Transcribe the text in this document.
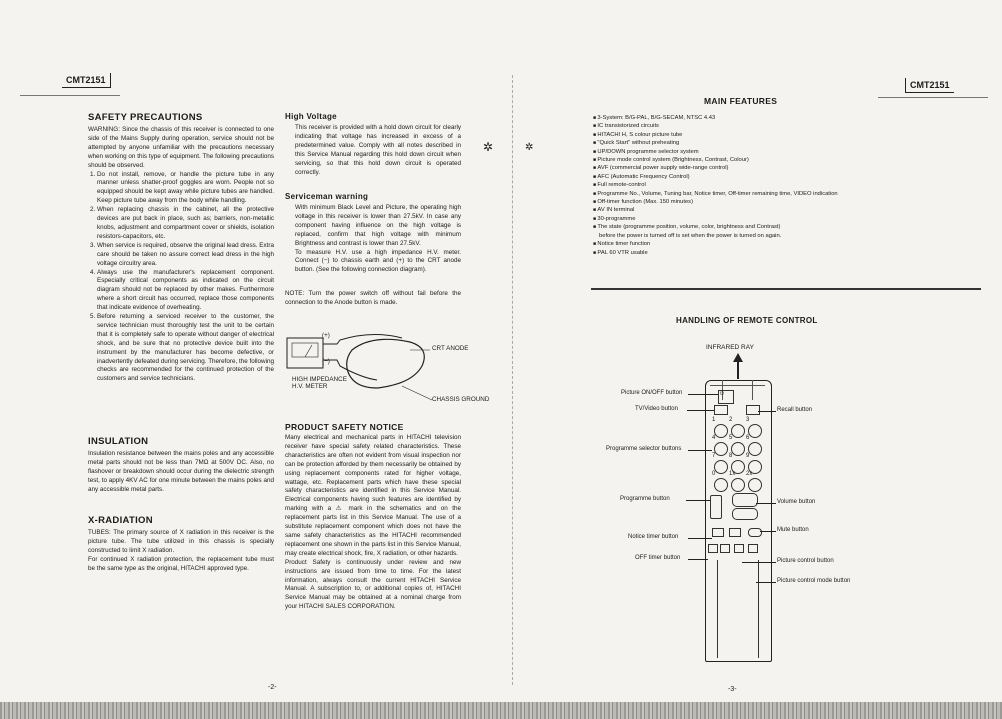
CMT2151	CMT2151
✲	✲
SAFETY PRECAUTIONS
WARNING: Since the chassis of this receiver is connected to one side of the Mains Supply during operation, service should not be attempted by anyone unfamiliar with the precautions necessary when working on this type of equipment. The following precautions should be observed.
1. Do not install, remove, or handle the picture tube in any manner unless shatter-proof goggles are worn. People not so equipped should be kept away while picture tubes are handled. Keep picture tube away from the body while handling.
2. When replacing chassis in the cabinet, all the protective devices are put back in place, such as; barriers, non-metallic knobs, adjustment and compartment cover or shields, isolation resistors-capacitors, etc.
3. When service is required, observe the original lead dress. Extra care should be taken no assure correct lead dress in the high voltage circuitry area.
4. Always use the manufacturer's replacement component. Especially critical components as indicated on the circuit diagram should not be replaced by other makes. Furthermore where a short circuit has occurred, replace those components that indicate evidence of overheating.
5. Before returning a serviced receiver to the customer, the service technician must thoroughly test the unit to be certain that it is completely safe to operate without danger of electrical shock, and be sure that no protective device built into the instrument by the manufacturer has become defective, or inadvertently defeated during servicing. Therefore, the following checks are recommended for the continued protection of the customers and service technicians.
INSULATION
Insulation resistance between the mains poles and any accessible metal parts should not be less than 7MΩ at 500V DC. Also, no flashover or breakdown should occur during the dielectric strength test, to apply 4KV AC for one minute between the mains poles and any accessible metal parts.
X-RADIATION
TUBES: The primary source of X radiation in this receiver is the picture tube. The tube utilized in this chassis is specially constructed to limit X radiation.
For continued X radiation protection, the replacement tube must be the same type as the original, HITACHI approved type.
High Voltage
This receiver is provided with a hold down circuit for clearly indicating that voltage has increased in excess of a predetermined value. Comply with all notes described in this Service Manual regarding this hold down circuit when servicing, so that this hold down circuit is operated correctly.
Serviceman warning
With minimum Black Level and Picture, the operating high voltage in this receiver is lower than 27.5kV. In case any component having influence on the high voltage is replaced, confirm that high voltage with minimum Brightness and contrast is lower than 27.5kV.
To measure H.V. use a high impedance H.V. meter. Connect (−) to chassis earth and (+) to the CRT anode button. (See the following connection diagram).
NOTE: Turn the power switch off without fail before the connection to the Anode button is made.
(+)
(−)
CRT ANODE
HIGH IMPEDANCE
H.V. METER
CHASSIS GROUND
PRODUCT SAFETY NOTICE
Many electrical and mechanical parts in HITACHI television receiver have special safety related characteristics. These characteristics are often not evident from visual inspection nor can be protection afforded by them necessarily be obtained by using replacement components rated for higher voltage, wattage, etc. Replacement parts which have these special safety characteristics are identified in this Service Manual. Electrical components having such features are identified by marking with a ⚠ mark in the schematics and on the replacement parts list in this Service Manual. The use of a substitute replacement component which does not have the same safety characteristics as the HITACHI recommended replacement one shown in the parts list in this Service Manual, may create electrical shock, fire, X radiation, or other hazards.
Product Safety is continuously under review and new instructions are issued from time to time. For the latest information, always consult the current HITACHI Service Manual. A subscription to, or additional copies of, HITACHI Service Manual may be obtained at a nominal charge from your HITACHI SALES CORPORATION.
-2-
MAIN FEATURES
■ 3-System: B/G-PAL, B/G-SECAM, NTSC 4.43
■ IC transistorized circuits
■ HITACHI H, S colour picture tube
■ "Quick Start" without preheating
■ UP/DOWN programme selector system
■ Picture mode control system (Brightness, Contrast, Colour)
■ AVF (commercial power supply wide-range control)
■ AFC (Automatic Frequency Control)
■ Full remote-control
■ Programme No., Volume, Tuning bar, Notice timer, Off-timer remaining time, VIDEO indication
■ Off-timer function (Max. 150 minutes)
■ AV IN terminal
■ 30-programme
■ The state (programme position, volume, color, brightness and Contrast)
before the power is turned off is set when the power is turned on again.
■ Notice timer function
■ PAL 60 VTR usable
HANDLING OF REMOTE CONTROL
INFRARED RAY
⏻
1 2 3
4 5 6
7 8 9
0 1x 2x
Picture ON/OFF button
TV/Video button
Programme selector buttons
Programme button
Notice timer button
OFF timer button
Recall button
Volume button
Mute button
Picture control button
Picture control mode button
-3-
